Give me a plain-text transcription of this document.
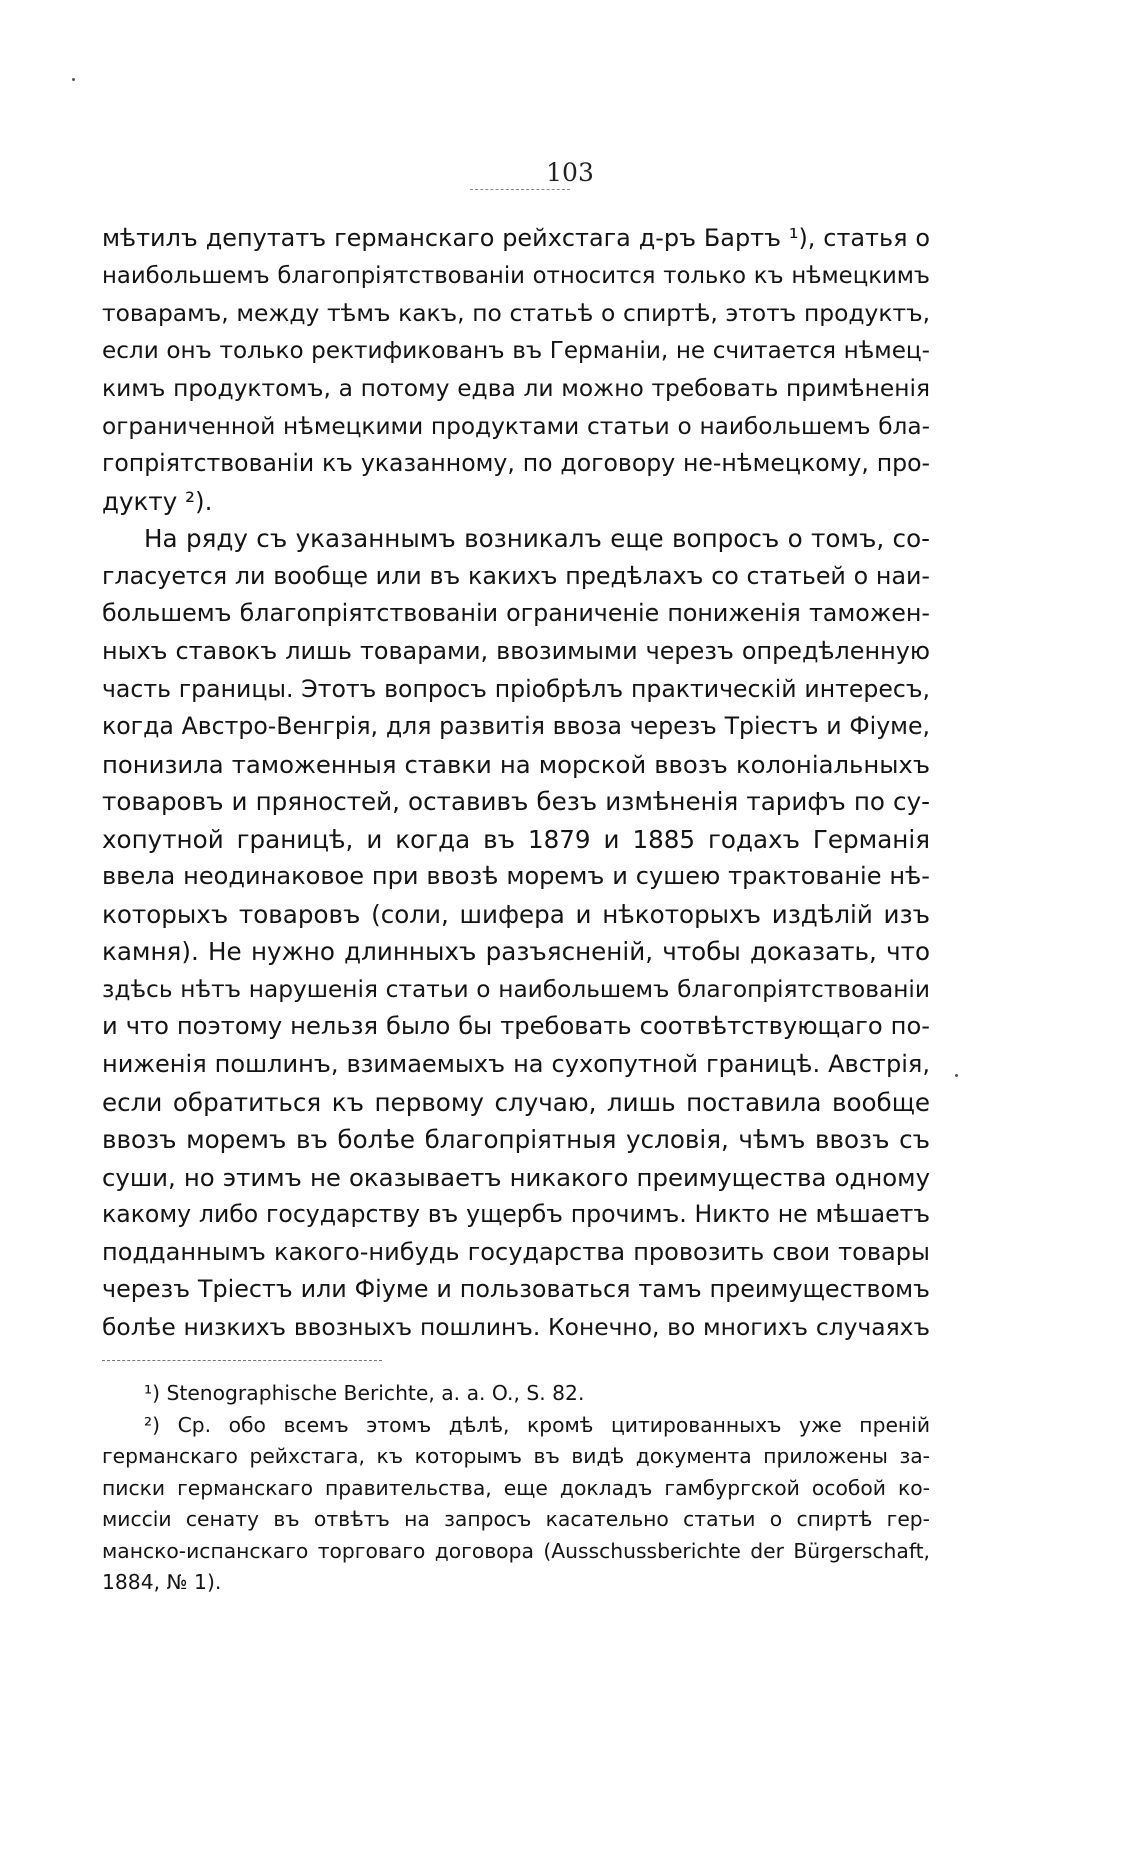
103
мѣтилъ депутатъ германскаго рейхстага д-ръ Бартъ ¹), статья о
наибольшемъ благопріятствованіи относится только къ нѣмецкимъ
товарамъ, между тѣмъ какъ, по статьѣ о спиртѣ, этотъ продуктъ,
если онъ только ректификованъ въ Германіи, не считается нѣмец-
кимъ продуктомъ, а потому едва ли можно требовать примѣненія
ограниченной нѣмецкими продуктами статьи о наибольшемъ бла-
гопріятствованіи къ указанному, по договору не-нѣмецкому, про-
дукту ²).
На ряду съ указаннымъ возникалъ еще вопросъ о томъ, со-
гласуется ли вообще или въ какихъ предѣлахъ со статьей о наи-
большемъ благопріятствованіи ограниченіе пониженія таможен-
ныхъ ставокъ лишь товарами, ввозимыми черезъ опредѣленную
часть границы. Этотъ вопросъ пріобрѣлъ практическій интересъ,
когда Австро-Венгрія, для развитія ввоза черезъ Тріестъ и Фіуме,
понизила таможенныя ставки на морской ввозъ колоніальныхъ
товаровъ и пряностей, оставивъ безъ измѣненія тарифъ по су-
хопутной границѣ, и когда въ 1879 и 1885 годахъ Германія
ввела неодинаковое при ввозѣ моремъ и сушею трактованіе нѣ-
которыхъ товаровъ (соли, шифера и нѣкоторыхъ издѣлій изъ
камня). Не нужно длинныхъ разъясненій, чтобы доказать, что
здѣсь нѣтъ нарушенія статьи о наибольшемъ благопріятствованіи
и что поэтому нельзя было бы требовать соотвѣтствующаго по-
ниженія пошлинъ, взимаемыхъ на сухопутной границѣ. Австрія,
если обратиться къ первому случаю, лишь поставила вообще
ввозъ моремъ въ болѣе благопріятныя условія, чѣмъ ввозъ съ
суши, но этимъ не оказываетъ никакого преимущества одному
какому либо государству въ ущербъ прочимъ. Никто не мѣшаетъ
подданнымъ какого-нибудь государства провозить свои товары
черезъ Тріестъ или Фіуме и пользоваться тамъ преимуществомъ
болѣе низкихъ ввозныхъ пошлинъ. Конечно, во многихъ случаяхъ
¹) Stenographische Berichte, a. a. O., S. 82.
²) Ср. обо всемъ этомъ дѣлѣ, кромѣ цитированныхъ уже преній
германскаго рейхстага, къ которымъ въ видѣ документа приложены за-
писки германскаго правительства, еще докладъ гамбургской особой ко-
миссіи сенату въ отвѣтъ на запросъ касательно статьи о спиртѣ гер-
манско-испанскаго торговаго договора (Ausschussberichte der Bürgerschaft,
1884, № 1).
